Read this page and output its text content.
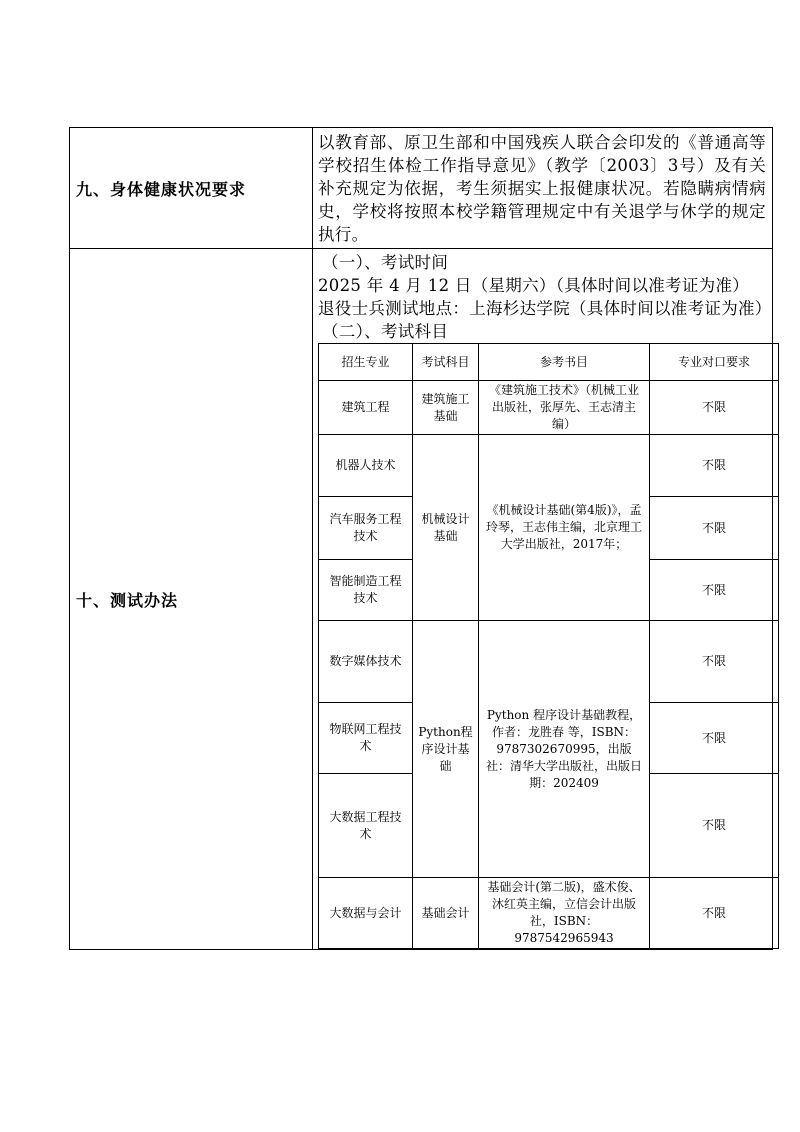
九、身体健康状况要求	
以教育部、原卫生部和中国残疾人联合会印发的《普通高等学校招生体检工作指导意见》（教学〔2003〕3号）及有关补充规定为依据，考生须据实上报健康状况。若隐瞒病情病史，学校将按照本校学籍管理规定中有关退学与休学的规定执行。

十、测试办法	
（一）、考试时间
2025 年 4 月 12 日（星期六）（具体时间以准考证为准）
退役士兵测试地点：上海杉达学院（具体时间以准考证为准）
（二）、考试科目
招生专业	考试科目	参考书目	专业对口要求
建筑工程	建筑施工基础	《建筑施工技术》（机械工业出版社，张厚先、王志清主编）	不限
机器人技术	机械设计基础	《机械设计基础(第4版)》，孟玲琴，王志伟主编，北京理工大学出版社，2017年；	不限
汽车服务工程技术	不限
智能制造工程技术	不限
数字媒体技术	Python程序设计基础	Python 程序设计基础教程，作者：龙胜春 等，ISBN：9787302670995，出版社：清华大学出版社，出版日期：202409	不限
物联网工程技术	不限
大数据工程技术	不限
大数据与会计	基础会计	基础会计(第二版)，盛术俊、沐红英主编，立信会计出版社，ISBN：9787542965943	不限
